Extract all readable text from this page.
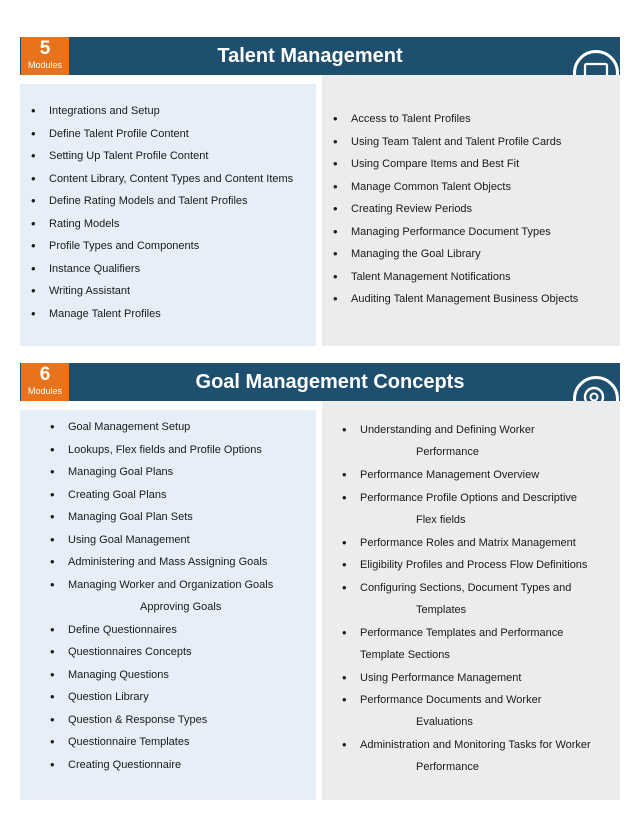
5
Modules	Talent Management
•	Integrations and Setup
•	Define Talent Profile Content
•	Setting Up Talent Profile Content
•	Content Library, Content Types and Content Items
•	Define Rating Models and Talent Profiles
•	Rating Models
•	Profile Types and Components
•	Instance Qualifiers
•	Writing Assistant
•	Manage Talent Profiles
•	Access to Talent Profiles
•	Using Team Talent and Talent Profile Cards
•	Using Compare Items and Best Fit
•	Manage Common Talent Objects
•	Creating Review Periods
•	Managing Performance Document Types
•	Managing the Goal Library
•	Talent Management Notifications
•	Auditing Talent Management Business Objects
6
Modules	Goal Management Concepts
•	Goal Management Setup
•	Lookups, Flex fields and Profile Options
•	Managing Goal Plans
•	Creating Goal Plans
•	Managing Goal Plan Sets
•	Using Goal Management
•	Administering and Mass Assigning Goals
•	Managing Worker and Organization Goals
Approving Goals
•	Define Questionnaires
•	Questionnaires Concepts
•	Managing Questions
•	Question Library
•	Question & Response Types
•	Questionnaire Templates
•	Creating Questionnaire
•	Understanding and Defining Worker
Performance
•	Performance Management Overview
•	Performance Profile Options and Descriptive
Flex fields
•	Performance Roles and Matrix Management
•	Eligibility Profiles and Process Flow Definitions
•	Configuring Sections, Document Types and
Templates
•	Performance Templates and Performance
Template Sections
•	Using Performance Management
•	Performance Documents and Worker
Evaluations
•	Administration and Monitoring Tasks for Worker
Performance
